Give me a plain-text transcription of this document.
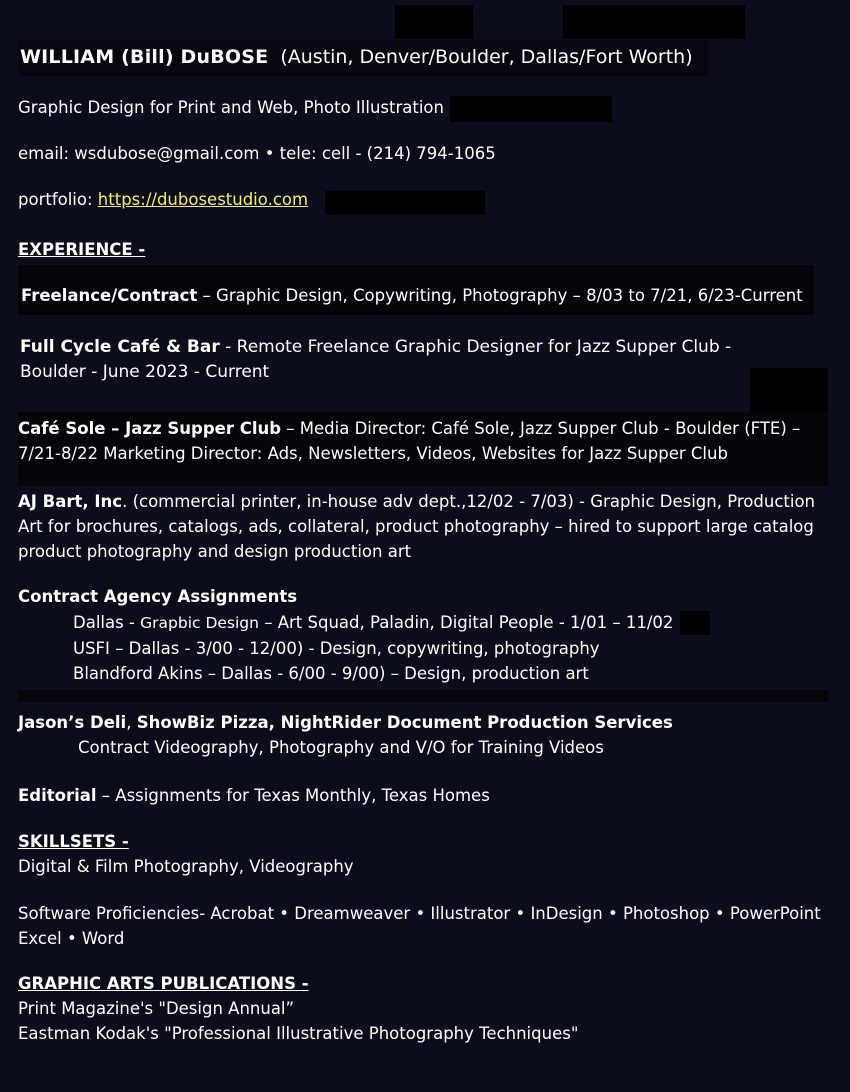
WILLIAM (Bill) DuBOSE (Austin, Denver/Boulder, Dallas/Fort Worth)
Graphic Design for Print and Web, Photo Illustration
email: wsdubose@gmail.com • tele: cell - (214) 794-1065
portfolio: https://dubosestudio.com
EXPERIENCE -
Freelance/Contract – Graphic Design, Copywriting, Photography – 8/03 to 7/21, 6/23-Current
Full Cycle Café & Bar - Remote Freelance Graphic Designer for Jazz Supper Club -
Boulder - June 2023 - Current
Café Sole – Jazz Supper Club – Media Director: Café Sole, Jazz Supper Club - Boulder (FTE) –
7/21-8/22 Marketing Director: Ads, Newsletters, Videos, Websites for Jazz Supper Club
AJ Bart, Inc. (commercial printer, in-house adv dept.,12/02 - 7/03) - Graphic Design, Production
Art for brochures, catalogs, ads, collateral, product photography – hired to support large catalog
product photography and design production art
Contract Agency Assignments
Dallas - Grapbic Design – Art Squad, Paladin, Digital People - 1/01 – 11/02
USFI – Dallas - 3/00 - 12/00) - Design, copywriting, photography
Blandford Akins – Dallas - 6/00 - 9/00) – Design, production art
Jason’s Deli, ShowBiz Pizza, NightRider Document Production Services
Contract Videography, Photography and V/O for Training Videos
Editorial – Assignments for Texas Monthly, Texas Homes
SKILLSETS -
Digital & Film Photography, Videography
Software Proficiencies- Acrobat • Dreamweaver • Illustrator • InDesign • Photoshop • PowerPoint
Excel • Word
GRAPHIC ARTS PUBLICATIONS -
Print Magazine's "Design Annual”
Eastman Kodak's "Professional Illustrative Photography Techniques"
